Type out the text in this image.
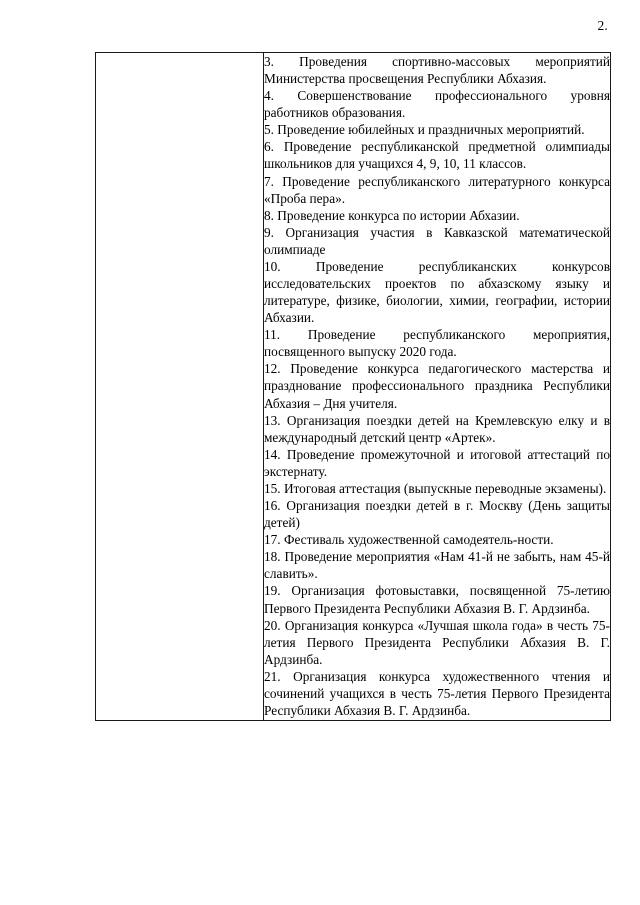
2.

3. Проведения спортивно-массовых мероприятий Министерства просвещения Республики Абхазия.

4. Совершенствование профессионального уровня работников образования.

5. Проведение юбилейных и праздничных мероприятий.

6. Проведение республиканской предметной олимпиады школьников для учащихся 4, 9, 10, 11 классов.

7. Проведение республиканского литературного конкурса «Проба пера».

8. Проведение конкурса по истории Абхазии.

9. Организация участия в Кавказской математической олимпиаде

10. Проведение республиканских конкурсов исследовательских проектов по абхазскому языку и литературе, физике, биологии, химии, географии, истории Абхазии.

11. Проведение республиканского мероприятия, посвященного выпуску 2020 года.

12. Проведение конкурса педагогического мастерства и празднование профессионального праздника Республики Абхазия – Дня учителя.

13. Организация поездки детей на Кремлевскую елку и в международный детский центр «Артек».

14. Проведение промежуточной и итоговой аттестаций по экстернату.

15. Итоговая аттестация (выпускные переводные экзамены).

16. Организация поездки детей в г. Москву (День защиты детей)

17. Фестиваль художественной самодеятель-ности.

18. Проведение мероприятия «Нам 41-й не забыть, нам 45-й славить».

19. Организация фотовыставки, посвященной 75-летию Первого Президента Республики Абхазия В. Г. Ардзинба.

20. Организация конкурса «Лучшая школа года» в честь 75-летия Первого Президента Республики Абхазия В. Г. Ардзинба.

21. Организация конкурса художественного чтения и сочинений учащихся в честь 75-летия Первого Президента Республики Абхазия В. Г. Ардзинба.
